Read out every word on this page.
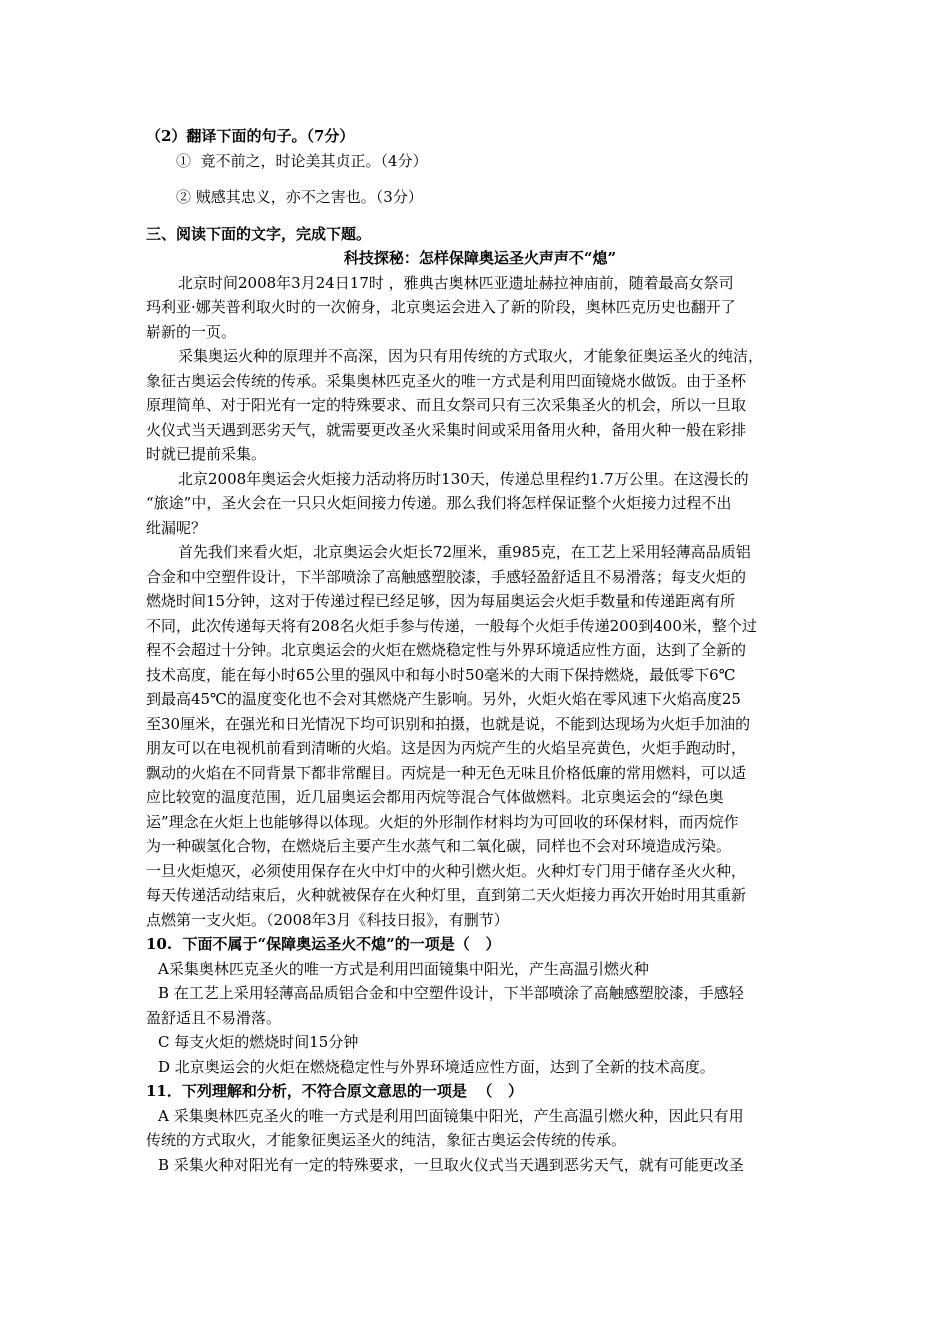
（2）翻译下面的句子。（7分）

①  竟不前之，时论美其贞正。（4分）

② 贼感其忠义，亦不之害也。（3分）

三、阅读下面的文字，完成下题。

科技探秘：怎样保障奥运圣火声声不“熄”

北京时间2008年3月24日17时 ，雅典古奥林匹亚遗址赫拉神庙前，随着最高女祭司

玛利亚·娜芙普利取火时的一次俯身，北京奥运会进入了新的阶段，奥林匹克历史也翻开了

崭新的一页。

采集奥运火种的原理并不高深，因为只有用传统的方式取火，才能象征奥运圣火的纯洁，

象征古奥运会传统的传承。采集奥林匹克圣火的唯一方式是利用凹面镜烧水做饭。由于圣杯

原理简单、对于阳光有一定的特殊要求、而且女祭司只有三次采集圣火的机会，所以一旦取

火仪式当天遇到恶劣天气，就需要更改圣火采集时间或采用备用火种，备用火种一般在彩排

时就已提前采集。

北京2008年奥运会火炬接力活动将历时130天，传递总里程约1.7万公里。在这漫长的

“旅途”中，圣火会在一只只火炬间接力传递。那么我们将怎样保证整个火炬接力过程不出

纰漏呢？

首先我们来看火炬，北京奥运会火炬长72厘米，重985克，在工艺上采用轻薄高品质铝

合金和中空塑件设计，下半部喷涂了高触感塑胶漆，手感轻盈舒适且不易滑落；每支火炬的

燃烧时间15分钟，这对于传递过程已经足够，因为每届奥运会火炬手数量和传递距离有所

不同，此次传递每天将有208名火炬手参与传递，一般每个火炬手传递200到400米，整个过

程不会超过十分钟。北京奥运会的火炬在燃烧稳定性与外界环境适应性方面，达到了全新的

技术高度，能在每小时65公里的强风中和每小时50毫米的大雨下保持燃烧，最低零下6℃

到最高45℃的温度变化也不会对其燃烧产生影响。另外，火炬火焰在零风速下火焰高度25

至30厘米，在强光和日光情况下均可识别和拍摄，也就是说，不能到达现场为火炬手加油的

朋友可以在电视机前看到清晰的火焰。这是因为丙烷产生的火焰呈亮黄色，火炬手跑动时，

飘动的火焰在不同背景下都非常醒目。丙烷是一种无色无味且价格低廉的常用燃料，可以适

应比较宽的温度范围，近几届奥运会都用丙烷等混合气体做燃料。北京奥运会的“绿色奥

运”理念在火炬上也能够得以体现。火炬的外形制作材料均为可回收的环保材料，而丙烷作

为一种碳氢化合物，在燃烧后主要产生水蒸气和二氧化碳，同样也不会对环境造成污染。

一旦火炬熄灭，必须使用保存在火中灯中的火种引燃火炬。火种灯专门用于储存圣火火种，

每天传递活动结束后，火种就被保存在火种灯里，直到第二天火炬接力再次开始时用其重新

点燃第一支火炬。（2008年3月《科技日报》，有删节）

10.  下面不属于“保障奥运圣火不熄”的一项是（   ）

A采集奥林匹克圣火的唯一方式是利用凹面镜集中阳光，产生高温引燃火种

B 在工艺上采用轻薄高品质铝合金和中空塑件设计，下半部喷涂了高触感塑胶漆，手感轻

盈舒适且不易滑落。

C 每支火炬的燃烧时间15分钟

D 北京奥运会的火炬在燃烧稳定性与外界环境适应性方面，达到了全新的技术高度。

11．下列理解和分析，不符合原文意思的一项是  （   ）

A 采集奥林匹克圣火的唯一方式是利用凹面镜集中阳光，产生高温引燃火种，因此只有用

传统的方式取火，才能象征奥运圣火的纯洁，象征古奥运会传统的传承。

B 采集火种对阳光有一定的特殊要求，一旦取火仪式当天遇到恶劣天气，就有可能更改圣
